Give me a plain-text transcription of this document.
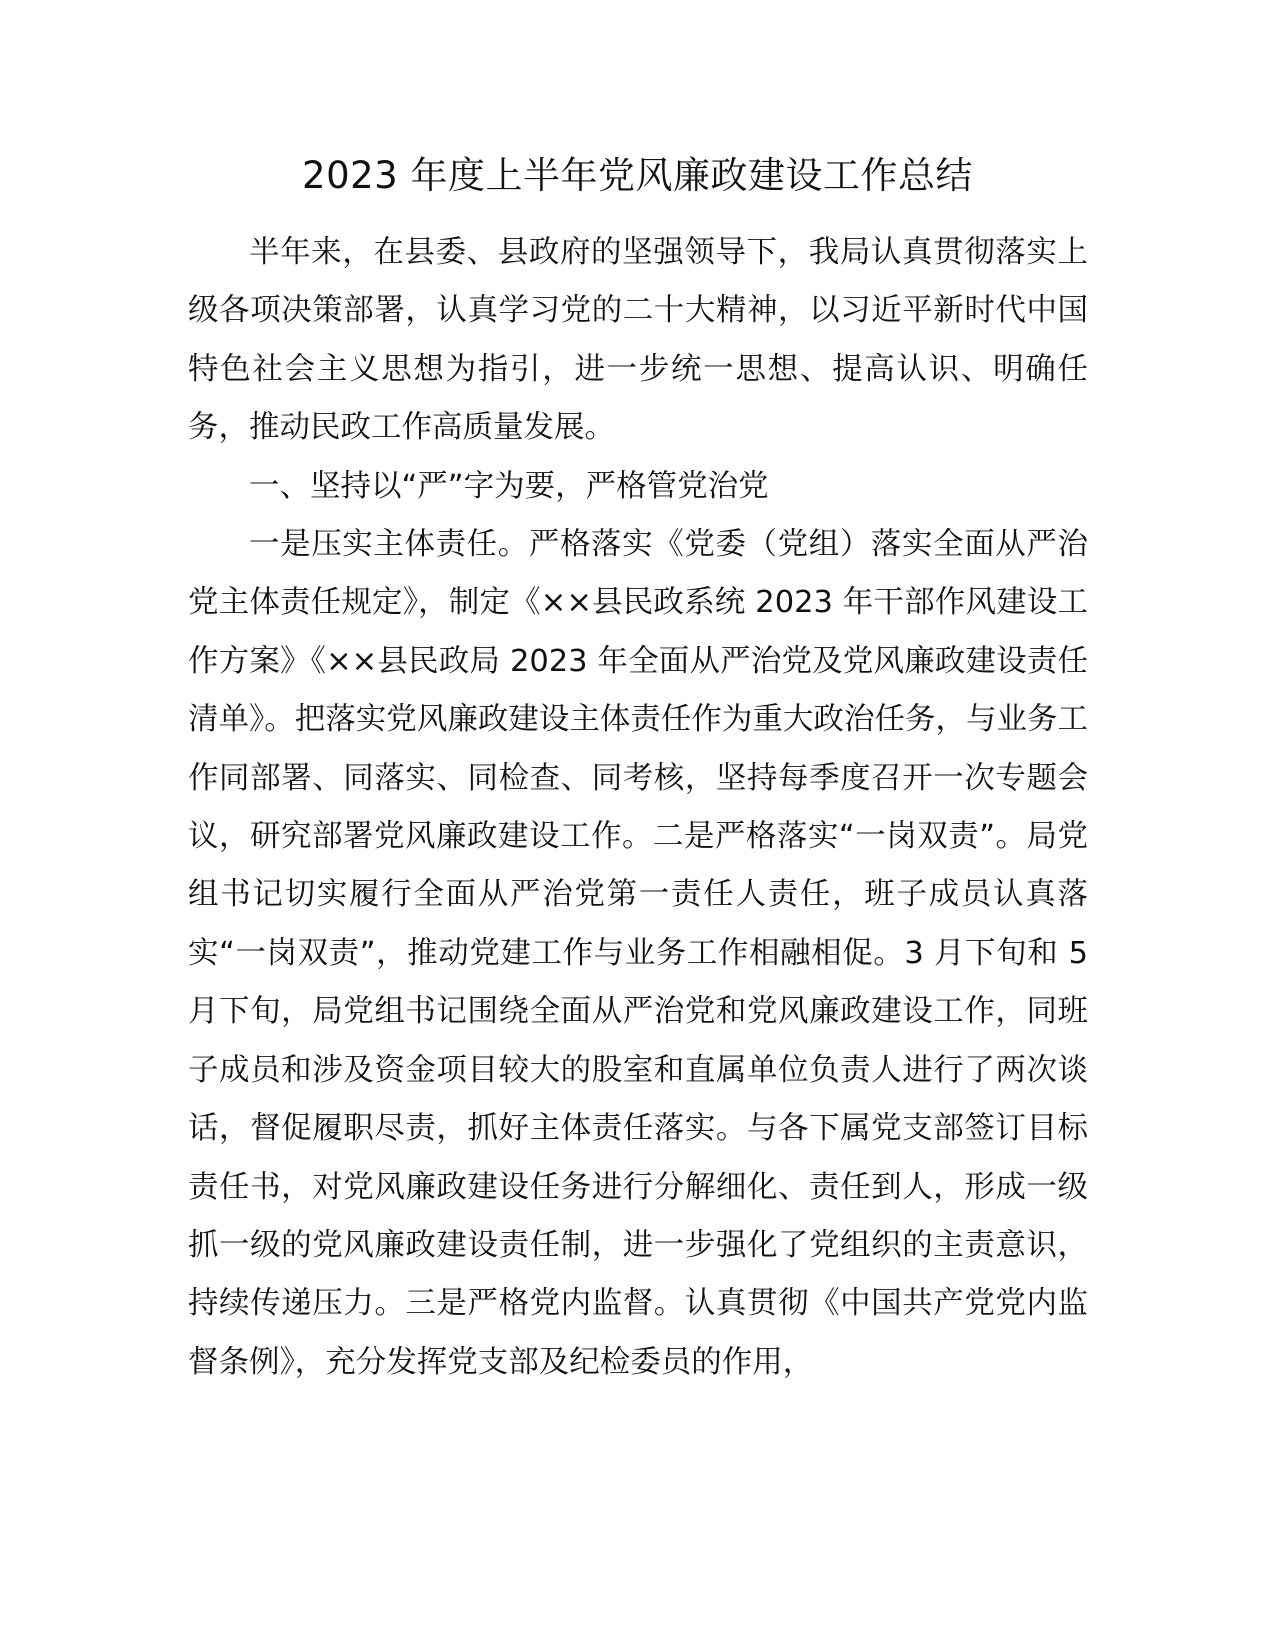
2023 年度上半年党风廉政建设工作总结

半年来，在县委、县政府的坚强领导下，我局认真贯彻落实上级各项决策部署，认真学习党的二十大精神，以习近平新时代中国特色社会主义思想为指引，进一步统一思想、提高认识、明确任务，推动民政工作高质量发展。

一、坚持以“严”字为要，严格管党治党

一是压实主体责任。严格落实《党委（党组）落实全面从严治党主体责任规定》，制定《××县民政系统 2023 年干部作风建设工作方案》《××县民政局 2023 年全面从严治党及党风廉政建设责任清单》。把落实党风廉政建设主体责任作为重大政治任务，与业务工作同部署、同落实、同检查、同考核，坚持每季度召开一次专题会议，研究部署党风廉政建设工作。二是严格落实“一岗双责”。局党组书记切实履行全面从严治党第一责任人责任，班子成员认真落实“一岗双责”，推动党建工作与业务工作相融相促。3 月下旬和 5 月下旬，局党组书记围绕全面从严治党和党风廉政建设工作，同班子成员和涉及资金项目较大的股室和直属单位负责人进行了两次谈话，督促履职尽责，抓好主体责任落实。与各下属党支部签订目标责任书，对党风廉政建设任务进行分解细化、责任到人，形成一级抓一级的党风廉政建设责任制，进一步强化了党组织的主责意识，持续传递压力。三是严格党内监督。认真贯彻《中国共产党党内监督条例》，充分发挥党支部及纪检委员的作用，
